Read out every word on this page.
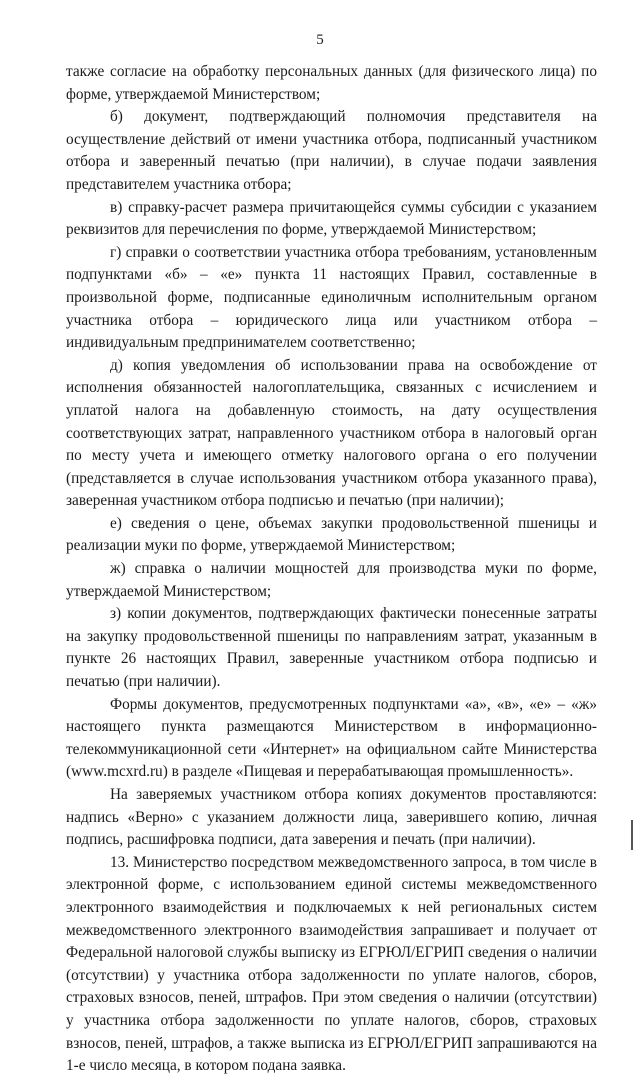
5

также согласие на обработку персональных данных (для физического лица) по форме, утверждаемой Министерством;

б) документ, подтверждающий полномочия представителя на осуществление действий от имени участника отбора, подписанный участником отбора и заверенный печатью (при наличии), в случае подачи заявления представителем участника отбора;

в) справку-расчет размера причитающейся суммы субсидии с указанием реквизитов для перечисления по форме, утверждаемой Министерством;

г) справки о соответствии участника отбора требованиям, установленным подпунктами «б» – «е» пункта 11 настоящих Правил, составленные в произвольной форме, подписанные единоличным исполнительным органом участника отбора – юридического лица или участником отбора – индивидуальным предпринимателем соответственно;

д) копия уведомления об использовании права на освобождение от исполнения обязанностей налогоплательщика, связанных с исчислением и уплатой налога на добавленную стоимость, на дату осуществления соответствующих затрат, направленного участником отбора в налоговый орган по месту учета и имеющего отметку налогового органа о его получении (представляется в случае использования участником отбора указанного права), заверенная участником отбора подписью и печатью (при наличии);

е) сведения о цене, объемах закупки продовольственной пшеницы и реализации муки по форме, утверждаемой Министерством;

ж) справка о наличии мощностей для производства муки по форме, утверждаемой Министерством;

з) копии документов, подтверждающих фактически понесенные затраты на закупку продовольственной пшеницы по направлениям затрат, указанным в пункте 26 настоящих Правил, заверенные участником отбора подписью и печатью (при наличии).

Формы документов, предусмотренных подпунктами «а», «в», «е» – «ж» настоящего пункта размещаются Министерством в информационно-телекоммуникационной сети «Интернет» на официальном сайте Министерства (www.mcxrd.ru) в разделе «Пищевая и перерабатывающая промышленность».

На заверяемых участником отбора копиях документов проставляются: надпись «Верно» с указанием должности лица, заверившего копию, личная подпись, расшифровка подписи, дата заверения и печать (при наличии).

13. Министерство посредством межведомственного запроса, в том числе в электронной форме, с использованием единой системы межведомственного электронного взаимодействия и подключаемых к ней региональных систем межведомственного электронного взаимодействия запрашивает и получает от Федеральной налоговой службы выписку из ЕГРЮЛ/ЕГРИП сведения о наличии (отсутствии) у участника отбора задолженности по уплате налогов, сборов, страховых взносов, пеней, штрафов. При этом сведения о наличии (отсутствии) у участника отбора задолженности по уплате налогов, сборов, страховых взносов, пеней, штрафов, а также выписка из ЕГРЮЛ/ЕГРИП запрашиваются на 1-е число месяца, в котором подана заявка.
